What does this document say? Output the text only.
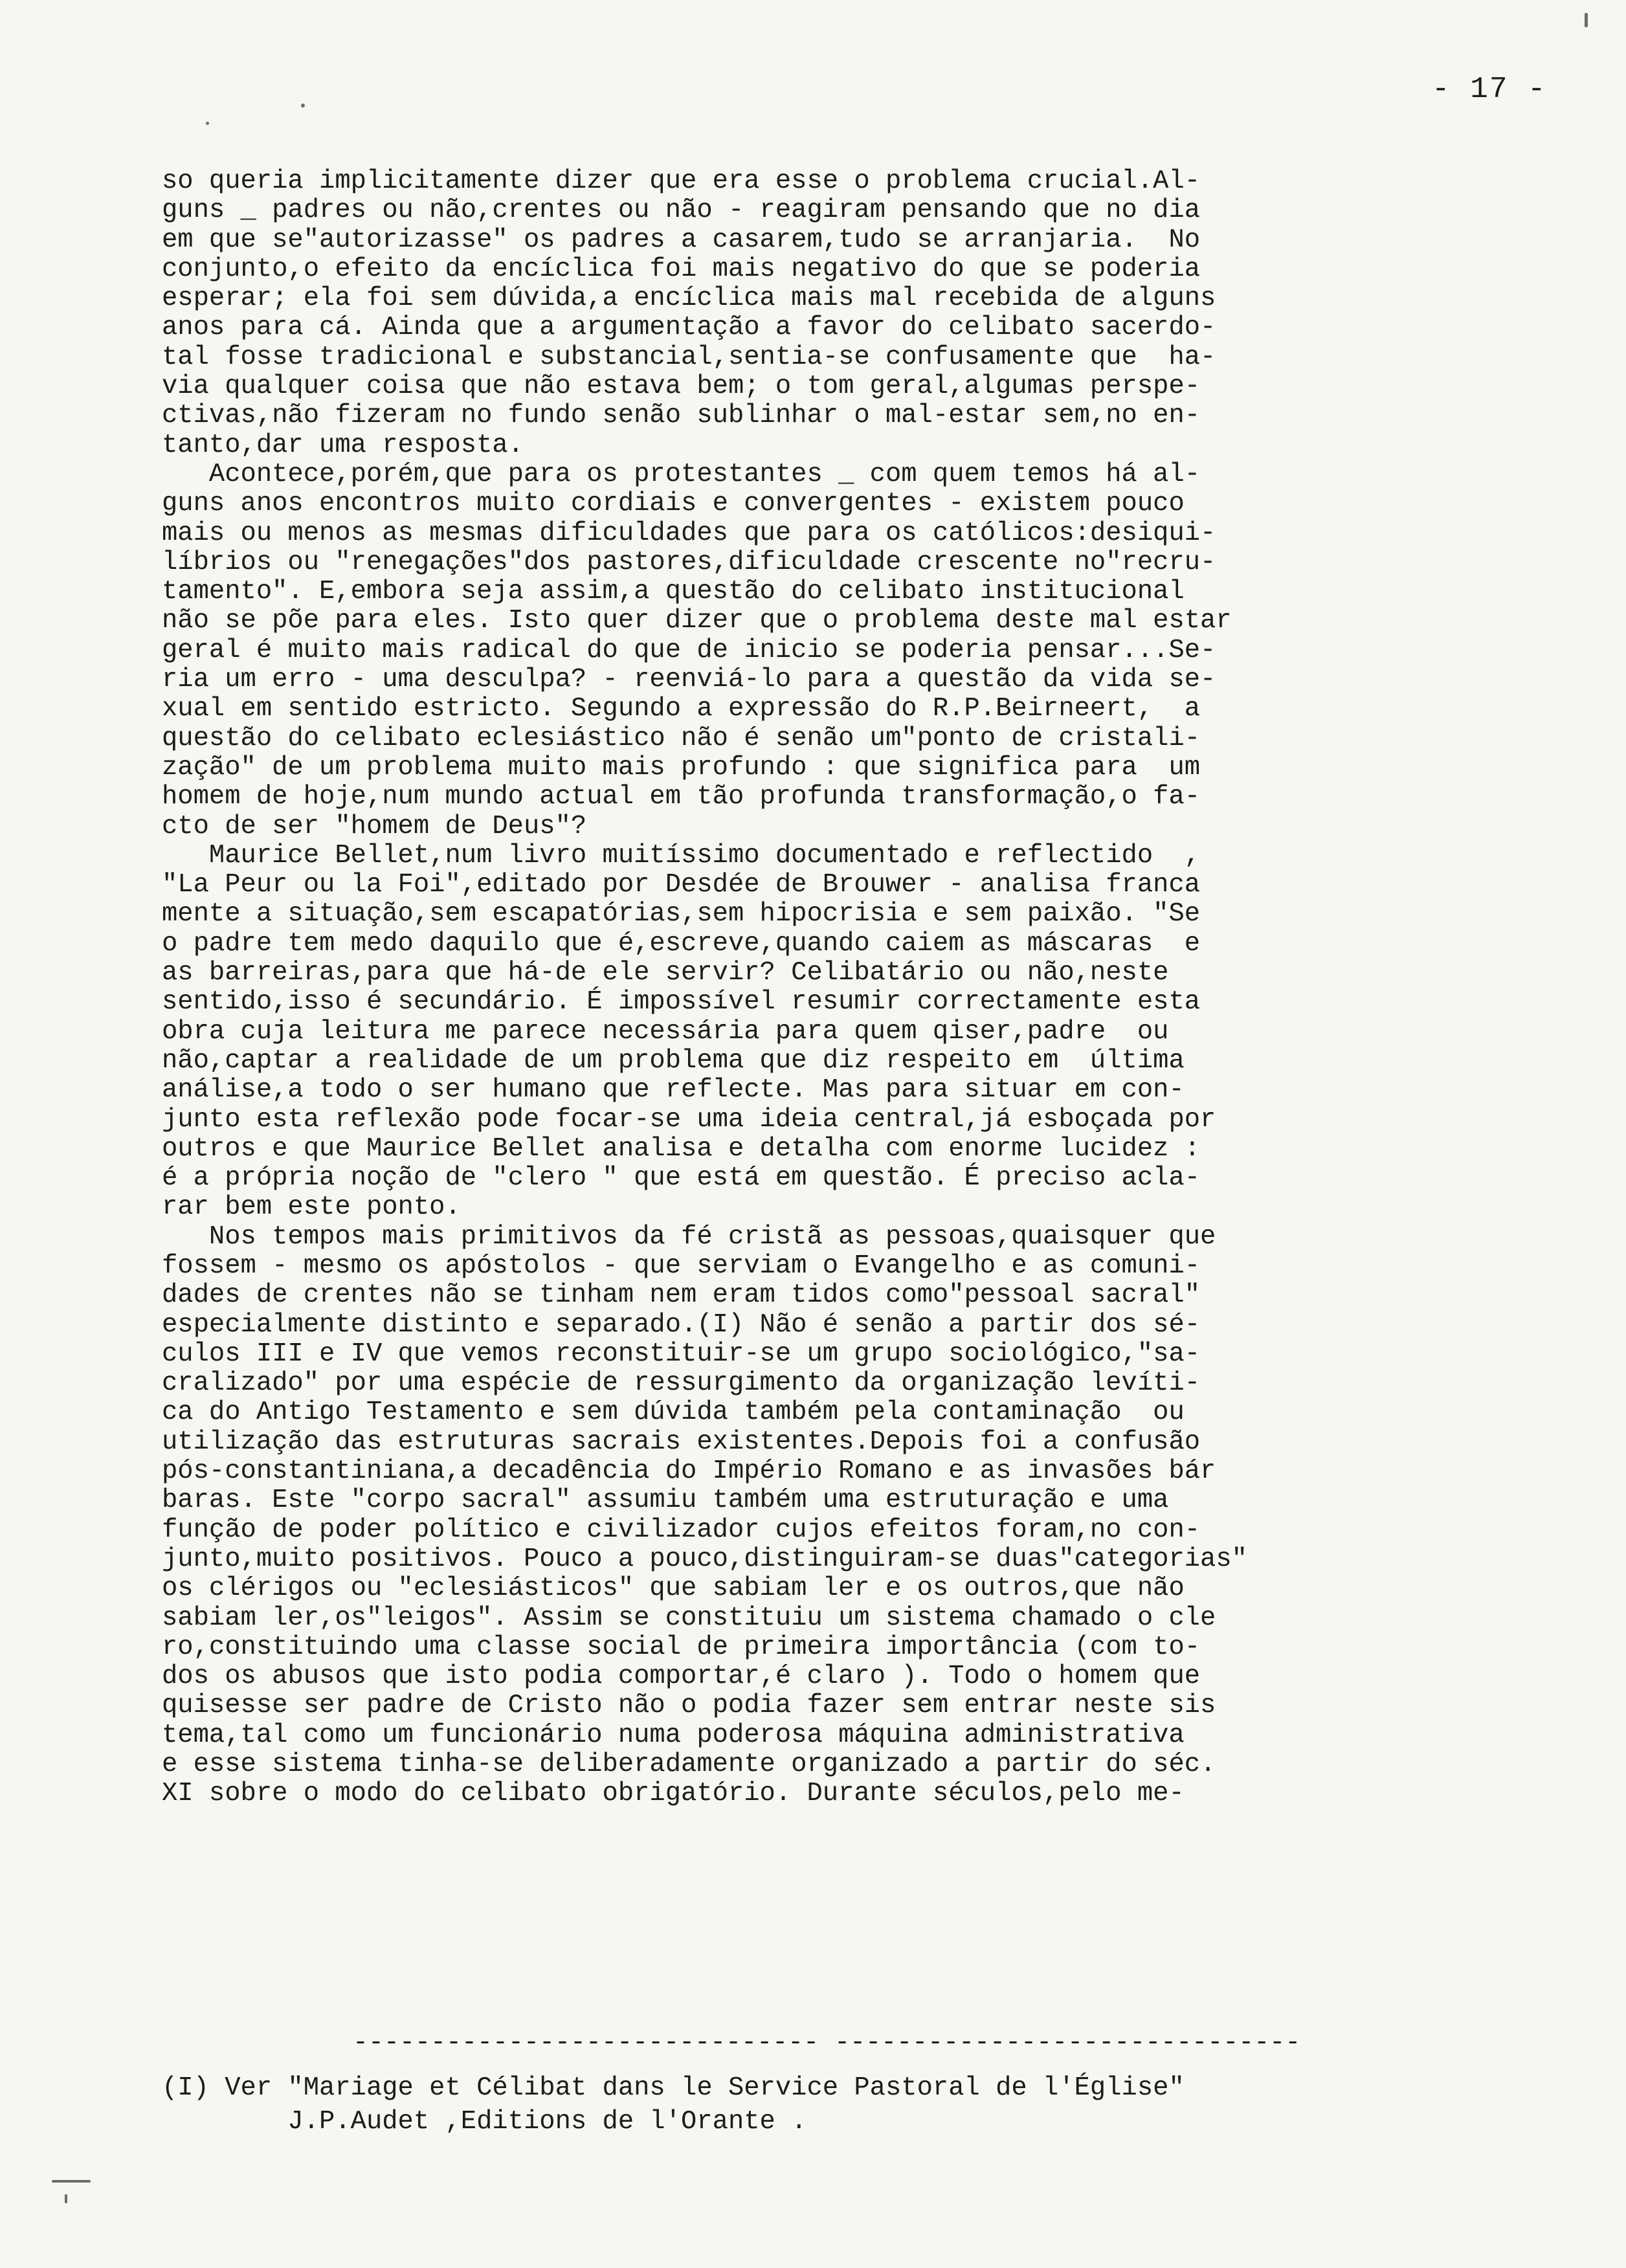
- 17 -
so queria implicitamente dizer que era esse o problema crucial.Al-
guns _ padres ou não,crentes ou não - reagiram pensando que no dia
em que se"autorizasse" os padres a casarem,tudo se arranjaria.  No
conjunto,o efeito da encíclica foi mais negativo do que se poderia
esperar; ela foi sem dúvida,a encíclica mais mal recebida de alguns
anos para cá. Ainda que a argumentação a favor do celibato sacerdo-
tal fosse tradicional e substancial,sentia-se confusamente que  ha-
via qualquer coisa que não estava bem; o tom geral,algumas perspe-
ctivas,não fizeram no fundo senão sublinhar o mal-estar sem,no en-
tanto,dar uma resposta.
Acontece,porém,que para os protestantes _ com quem temos há al-
guns anos encontros muito cordiais e convergentes - existem pouco
mais ou menos as mesmas dificuldades que para os católicos:desiqui-
líbrios ou "renegações"dos pastores,dificuldade crescente no"recru-
tamento". E,embora seja assim,a questão do celibato institucional
não se põe para eles. Isto quer dizer que o problema deste mal estar
geral é muito mais radical do que de inicio se poderia pensar...Se-
ria um erro - uma desculpa? - reenviá-lo para a questão da vida se-
xual em sentido estricto. Segundo a expressão do R.P.Beirneert,  a
questão do celibato eclesiástico não é senão um"ponto de cristali-
zação" de um problema muito mais profundo : que significa para  um
homem de hoje,num mundo actual em tão profunda transformação,o fa-
cto de ser "homem de Deus"?
Maurice Bellet,num livro muitíssimo documentado e reflectido  ,
"La Peur ou la Foi",editado por Desdée de Brouwer - analisa franca
mente a situação,sem escapatórias,sem hipocrisia e sem paixão. "Se
o padre tem medo daquilo que é,escreve,quando caiem as máscaras  e
as barreiras,para que há-de ele servir? Celibatário ou não,neste
sentido,isso é secundário. É impossível resumir correctamente esta
obra cuja leitura me parece necessária para quem qiser,padre  ou
não,captar a realidade de um problema que diz respeito em  última
análise,a todo o ser humano que reflecte. Mas para situar em con-
junto esta reflexão pode focar-se uma ideia central,já esboçada por
outros e que Maurice Bellet analisa e detalha com enorme lucidez :
é a própria noção de "clero " que está em questão. É preciso acla-
rar bem este ponto.
Nos tempos mais primitivos da fé cristã as pessoas,quaisquer que
fossem - mesmo os apóstolos - que serviam o Evangelho e as comuni-
dades de crentes não se tinham nem eram tidos como"pessoal sacral"
especialmente distinto e separado.(I) Não é senão a partir dos sé-
culos III e IV que vemos reconstituir-se um grupo sociológico,"sa-
cralizado" por uma espécie de ressurgimento da organização levíti-
ca do Antigo Testamento e sem dúvida também pela contaminação  ou
utilização das estruturas sacrais existentes.Depois foi a confusão
pós-constantiniana,a decadência do Império Romano e as invasões bár
baras. Este "corpo sacral" assumiu também uma estruturação e uma
função de poder político e civilizador cujos efeitos foram,no con-
junto,muito positivos. Pouco a pouco,distinguiram-se duas"categorias"
os clérigos ou "eclesiásticos" que sabiam ler e os outros,que não
sabiam ler,os"leigos". Assim se constituiu um sistema chamado o cle
ro,constituindo uma classe social de primeira importância (com to-
dos os abusos que isto podia comportar,é claro ). Todo o homem que
quisesse ser padre de Cristo não o podia fazer sem entrar neste sis
tema,tal como um funcionário numa poderosa máquina administrativa
e esse sistema tinha-se deliberadamente organizado a partir do séc.
XI sobre o modo do celibato obrigatório. Durante séculos,pelo me-
------------------------------ ------------------------------
(I) Ver "Mariage et Célibat dans le Service Pastoral de l'Église"
J.P.Audet ,Editions de l'Orante .
